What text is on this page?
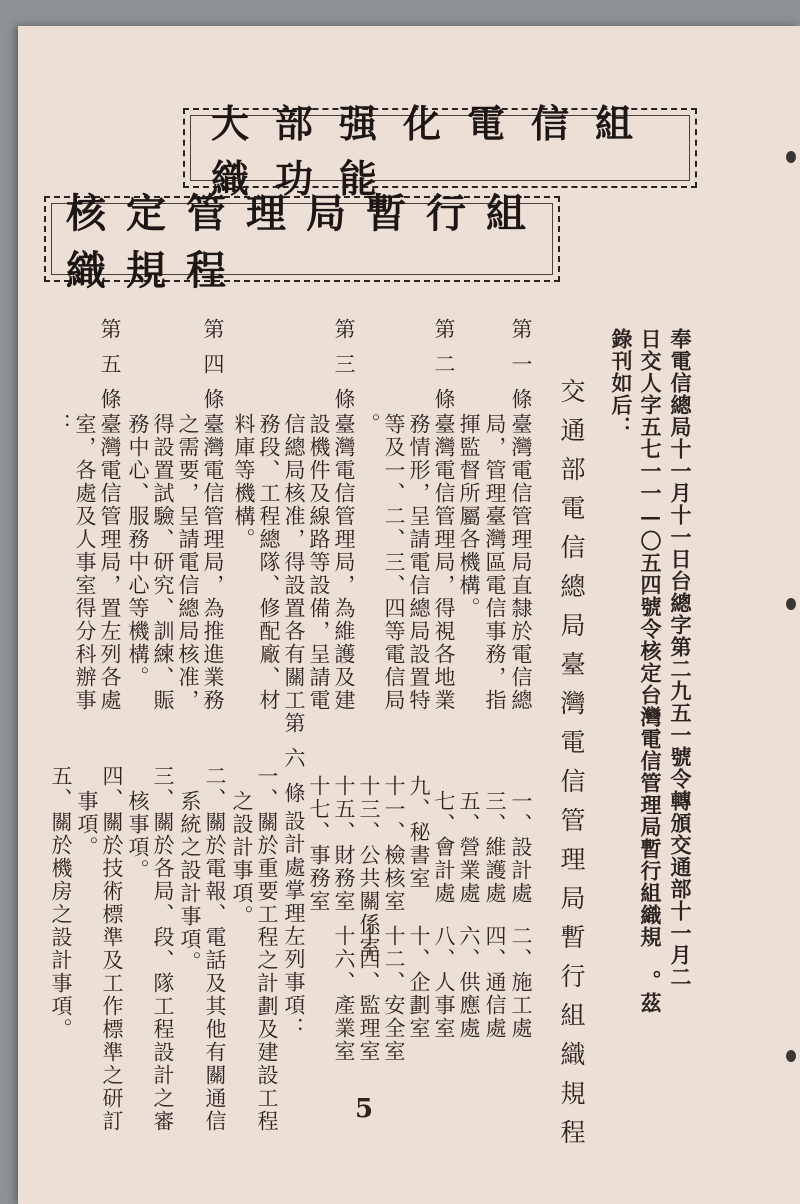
大部强化電信組織功能
核定管理局暫行組織規程
奉電信總局十一月十一日台總字第二九五一號令轉頒交通部十一月二
日交人字五七一一—〇五四號令核定台灣電信管理局暫行組織規　。茲
錄刊如后：
交通部電信總局臺灣電信管理局暫行組織規程
第一條
臺灣電信管理局直隸於電信總
局，管理臺灣區電信事務，指
揮監督所屬各機構。
第二條
臺灣電信管理局，得視各地業
務情形，呈請電信總局設置特
等及一、二、三、四等電信局
。
第三條
臺灣電信管理局，為維護及建
設機件及線路等設備，呈請電
信總局核准，得設置各有關工
務段、工程總隊、修配廠、材
料庫等機構。
第四條
臺灣電信管理局，為推進業務
之需要，呈請電信總局核准，
得設置試驗、研究、訓練、賑
務中心、服務中心等機構。
第五條
臺灣電信管理局，置左列各處
室，各處及人事室得分科辦事
：
一、設計處
二、施工處
三、維護處
四、通信處
五、營業處
六、供應處
七、會計處
八、人事室
九、秘書室
十、企劃室
十一、檢核室
十二、安全室
十三、公共關係室
十四、監理室
十五、財務室
十六、產業室
十七、事務室
第六條
設計處掌理左列事項：
一、關於重要工程之計劃及建設工程
之設計事項。
二、關於電報、電話及其他有關通信
系統之設計事項。
三、關於各局、段、隊工程設計之審
核事項。
四、關於技術標準及工作標準之研訂
事項。
五、關於機房之設計事項。
5
